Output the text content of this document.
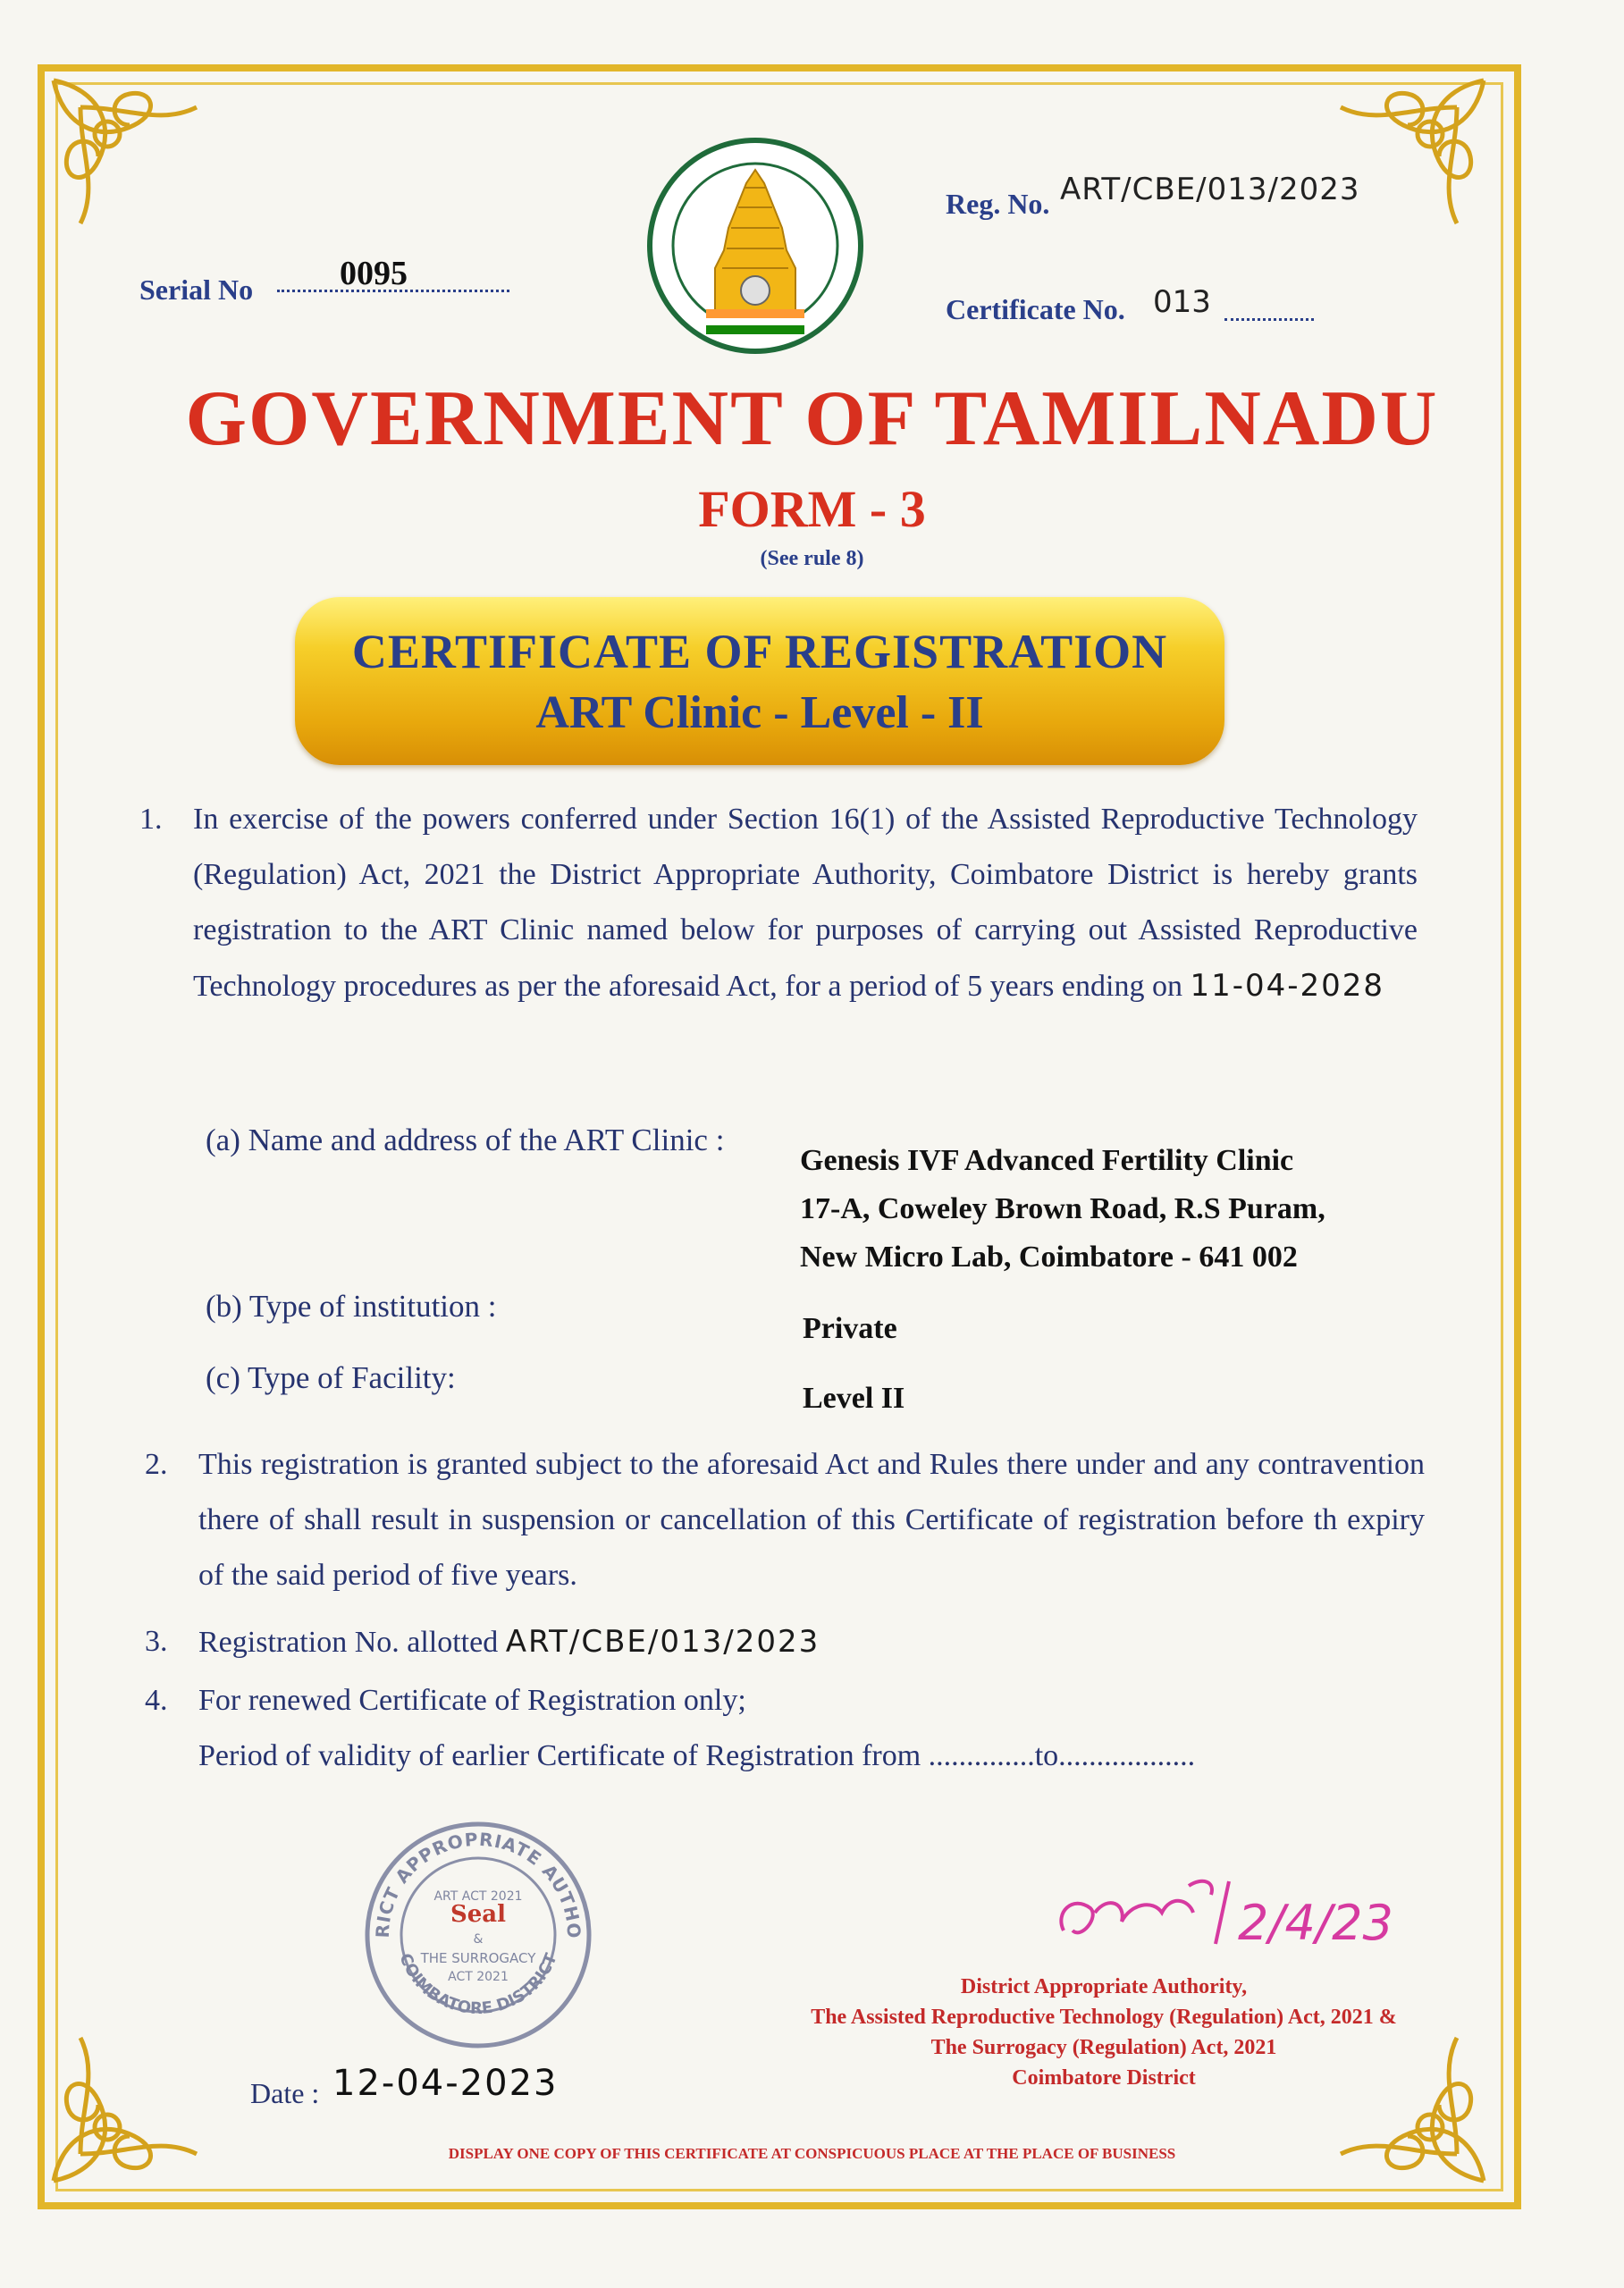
Serial No	0095
Reg. No. ART/CBE/013/2023
Certificate No. 013
GOVERNMENT OF TAMILNADU
FORM - 3
(See rule 8)
CERTIFICATE OF REGISTRATION
ART Clinic - Level - II
1. In exercise of the powers conferred under Section 16(1) of the Assisted Reproductive Technology (Regulation) Act, 2021 the District Appropriate Authority, Coimbatore District is hereby grants registration to the ART Clinic named below for purposes of carrying out Assisted Reproductive Technology procedures as per the aforesaid Act, for a period of 5 years ending on 11-04-2028
(a) Name and address of the ART Clinic :
Genesis IVF Advanced Fertility Clinic
17-A, Coweley Brown Road, R.S Puram,
New Micro Lab, Coimbatore - 641 002
(b) Type of institution :
Private
(c) Type of Facility:
Level II
2. This registration is granted subject to the aforesaid Act and Rules there under and any contravention there of shall result in suspension or cancellation of this Certificate of registration before th expiry of the said period of five years.
3. Registration No. allotted ART/CBE/013/2023
4. For renewed Certificate of Registration only;
Period of validity of earlier Certificate of Registration from ..............to..................
RICT APPROPRIATE AUTHO
COIMBATORE DISTRICT
ART ACT 2021
Seal
&
THE SURROGACY
ACT 2021
2/4/23
District Appropriate Authority,
The Assisted Reproductive Technology (Regulation) Act, 2021 &
The Surrogacy (Regulation) Act, 2021
Coimbatore District
Date : 12-04-2023
DISPLAY ONE COPY OF THIS CERTIFICATE AT CONSPICUOUS PLACE AT THE PLACE OF BUSINESS
